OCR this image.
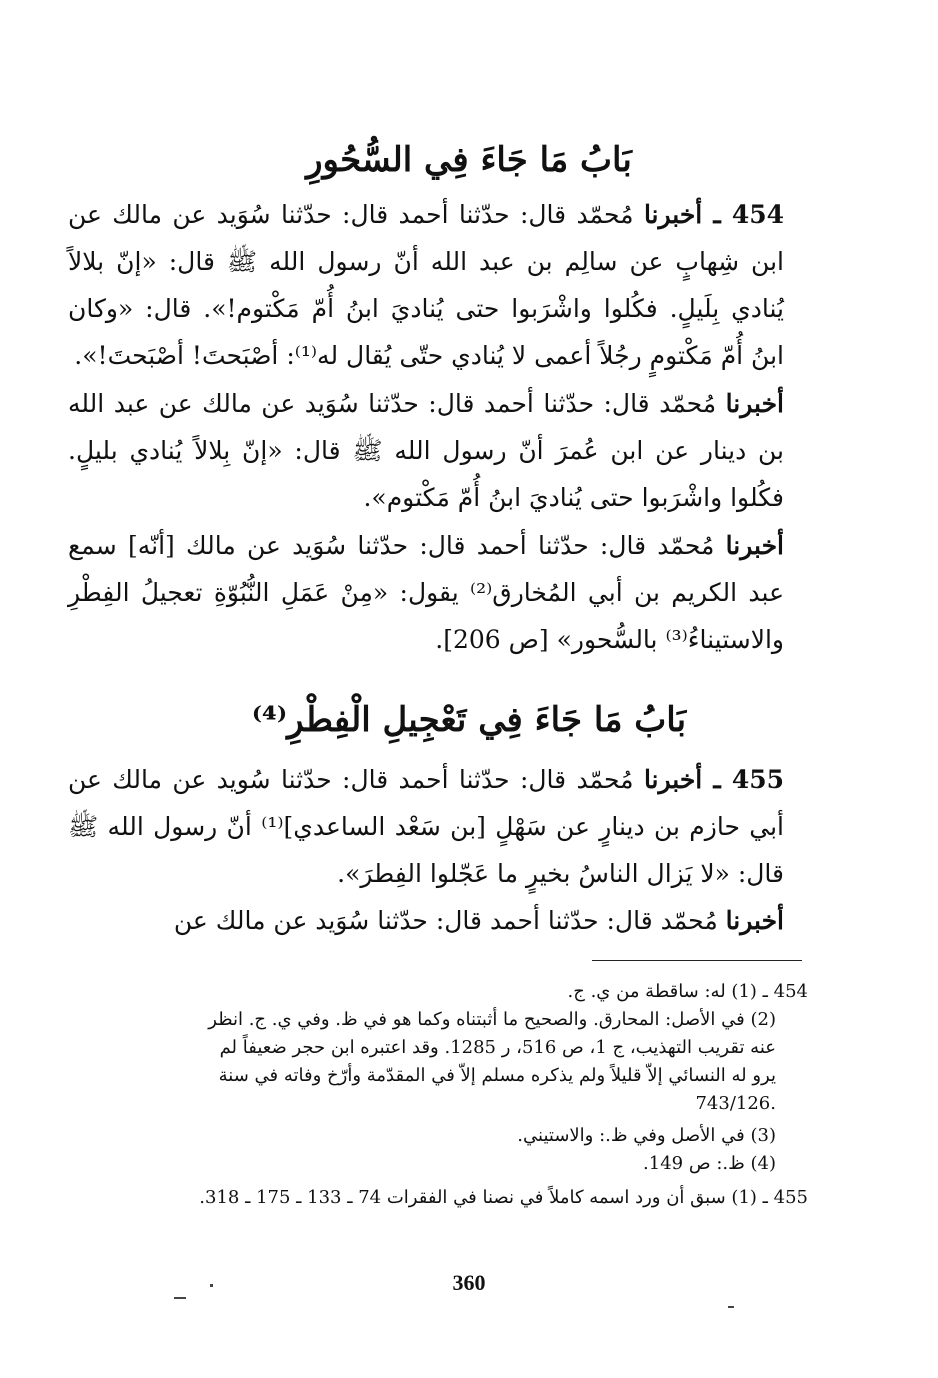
بَابُ مَا جَاءَ فِي السُّحُورِ
454 ـ أخبرنا مُحمّد قال: حدّثنا أحمد قال: حدّثنا سُوَيد عن مالك عن ابن شِهابٍ عن سالِم بن عبد الله أنّ رسول الله ﷺ قال: «إنّ بلالاً يُنادي بِلَيلٍ. فكُلوا واشْرَبوا حتى يُناديَ ابنُ أُمّ مَكْتوم!». قال: «وكان ابنُ أُمّ مَكْتومٍ رجُلاً أعمى لا يُنادي حتّى يُقال له⁽¹⁾: أصْبَحتَ! أصْبَحتَ!».
أخبرنا مُحمّد قال: حدّثنا أحمد قال: حدّثنا سُوَيد عن مالك عن عبد الله بن دينار عن ابن عُمرَ أنّ رسول الله ﷺ قال: «إنّ بِلالاً يُنادي بليلٍ. فكُلوا واشْرَبوا حتى يُناديَ ابنُ أُمّ مَكْتوم».
أخبرنا مُحمّد قال: حدّثنا أحمد قال: حدّثنا سُوَيد عن مالك [أنّه] سمع عبد الكريم بن أبي المُخارق⁽²⁾ يقول: «مِنْ عَمَلِ النُّبُوّةِ تعجيلُ الفِطْرِ والاستيناءُ⁽³⁾ بالسُّحور» [ص 206].
بَابُ مَا جَاءَ فِي تَعْجِيلِ الْفِطْرِ⁽⁴⁾
455 ـ أخبرنا مُحمّد قال: حدّثنا أحمد قال: حدّثنا سُويد عن مالك عن أبي حازم بن دينارٍ عن سَهْلٍ [بن سَعْد الساعدي]⁽¹⁾ أنّ رسول الله ﷺ قال: «لا يَزال الناسُ بخيرٍ ما عَجّلوا الفِطرَ».
أخبرنا مُحمّد قال: حدّثنا أحمد قال: حدّثنا سُوَيد عن مالك عن
454 ـ (1) له: ساقطة من ي. ج.
(2) في الأصل: المحارق. والصحيح ما أثبتناه وكما هو في ظ. وفي ي. ج. انظر
عنه تقريب التهذيب، ج 1، ص 516، ر 1285. وقد اعتبره ابن حجر ضعيفاً لم
يرو له النسائي إلاّ قليلاً ولم يذكره مسلم إلاّ في المقدّمة وأرّخ وفاته في سنة
.743/126
(3) في الأصل وفي ظ.: والاستيني.
(4) ظ.: ص 149.
455 ـ (1) سبق أن ورد اسمه كاملاً في نصنا في الفقرات 74 ـ 133 ـ 175 ـ 318.
360
